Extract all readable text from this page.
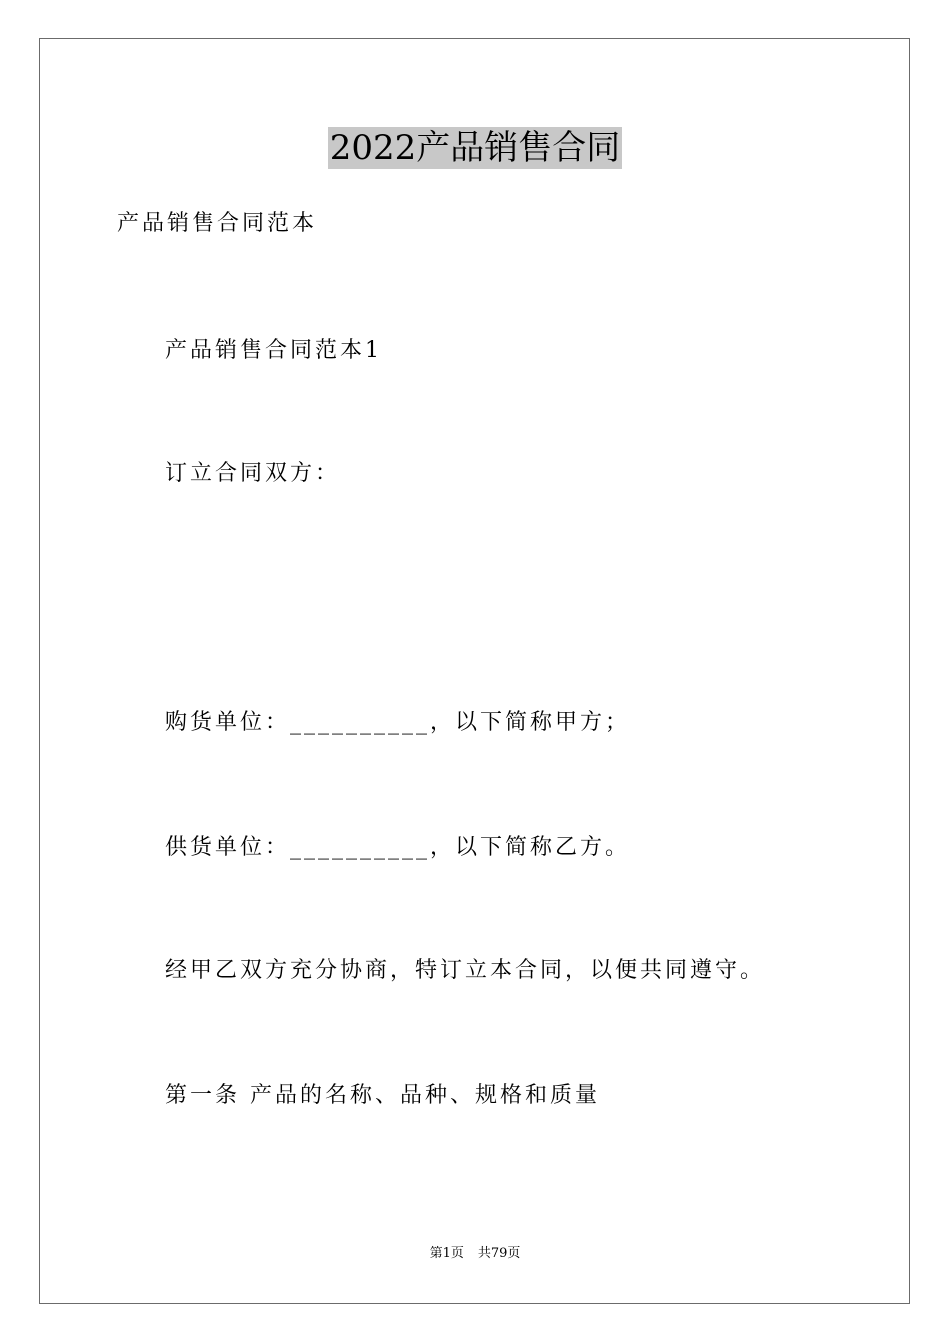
2022产品销售合同
产品销售合同范本
产品销售合同范本1
订立合同双方：
购货单位：__________，以下简称甲方；
供货单位：__________，以下简称乙方。
经甲乙双方充分协商，特订立本合同，以便共同遵守。
第一条 产品的名称、品种、规格和质量
第1页 共79页
